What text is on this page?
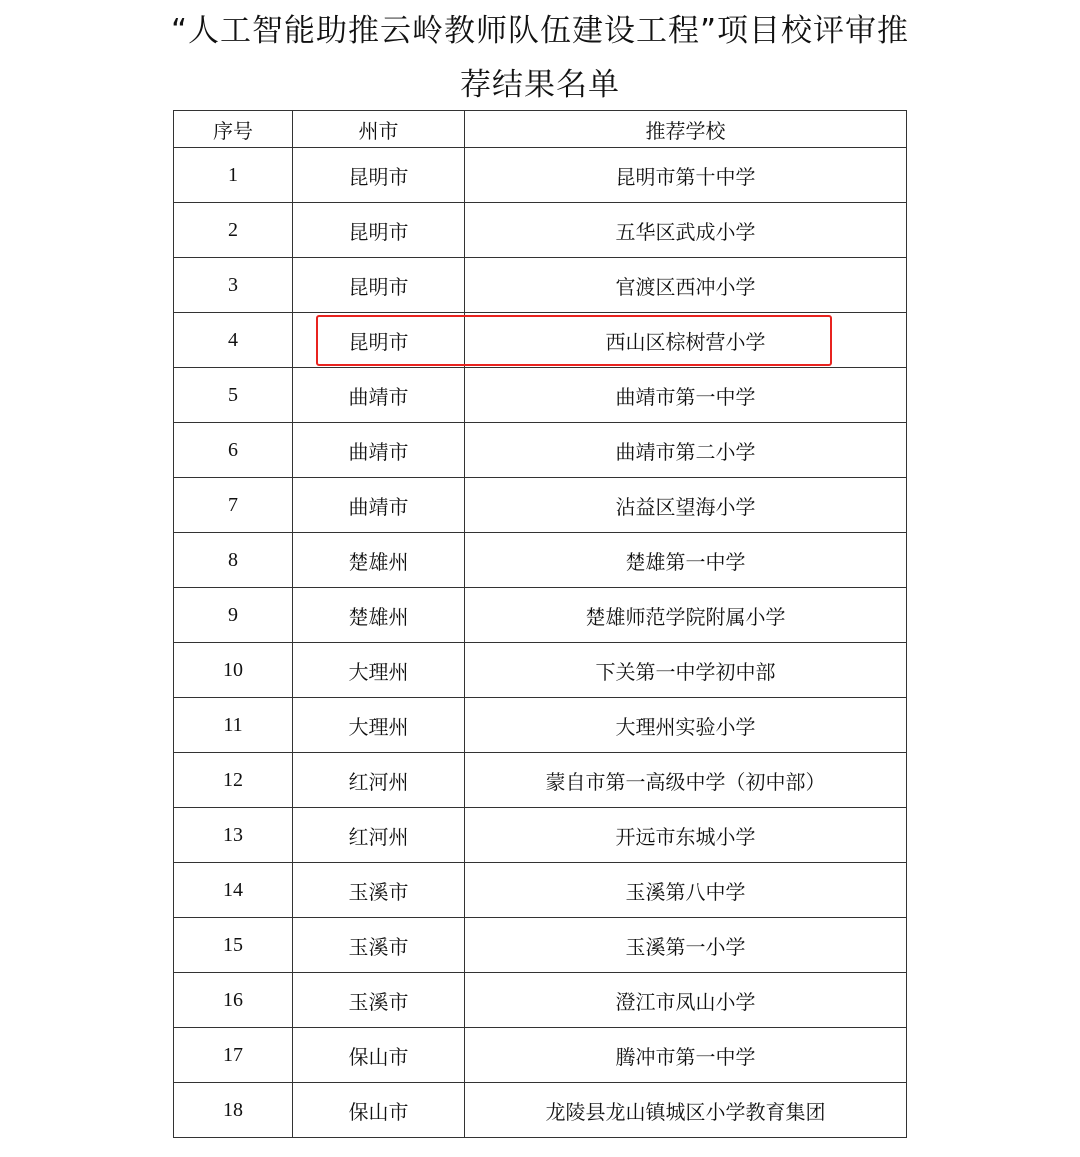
“人工智能助推云岭教师队伍建设工程”项目校评审推
荐结果名单
序号	州市	推荐学校
1	昆明市	昆明市第十中学
2	昆明市	五华区武成小学
3	昆明市	官渡区西冲小学
4	昆明市	西山区棕树营小学
5	曲靖市	曲靖市第一中学
6	曲靖市	曲靖市第二小学
7	曲靖市	沾益区望海小学
8	楚雄州	楚雄第一中学
9	楚雄州	楚雄师范学院附属小学
10	大理州	下关第一中学初中部
11	大理州	大理州实验小学
12	红河州	蒙自市第一高级中学（初中部）
13	红河州	开远市东城小学
14	玉溪市	玉溪第八中学
15	玉溪市	玉溪第一小学
16	玉溪市	澄江市凤山小学
17	保山市	腾冲市第一中学
18	保山市	龙陵县龙山镇城区小学教育集团
